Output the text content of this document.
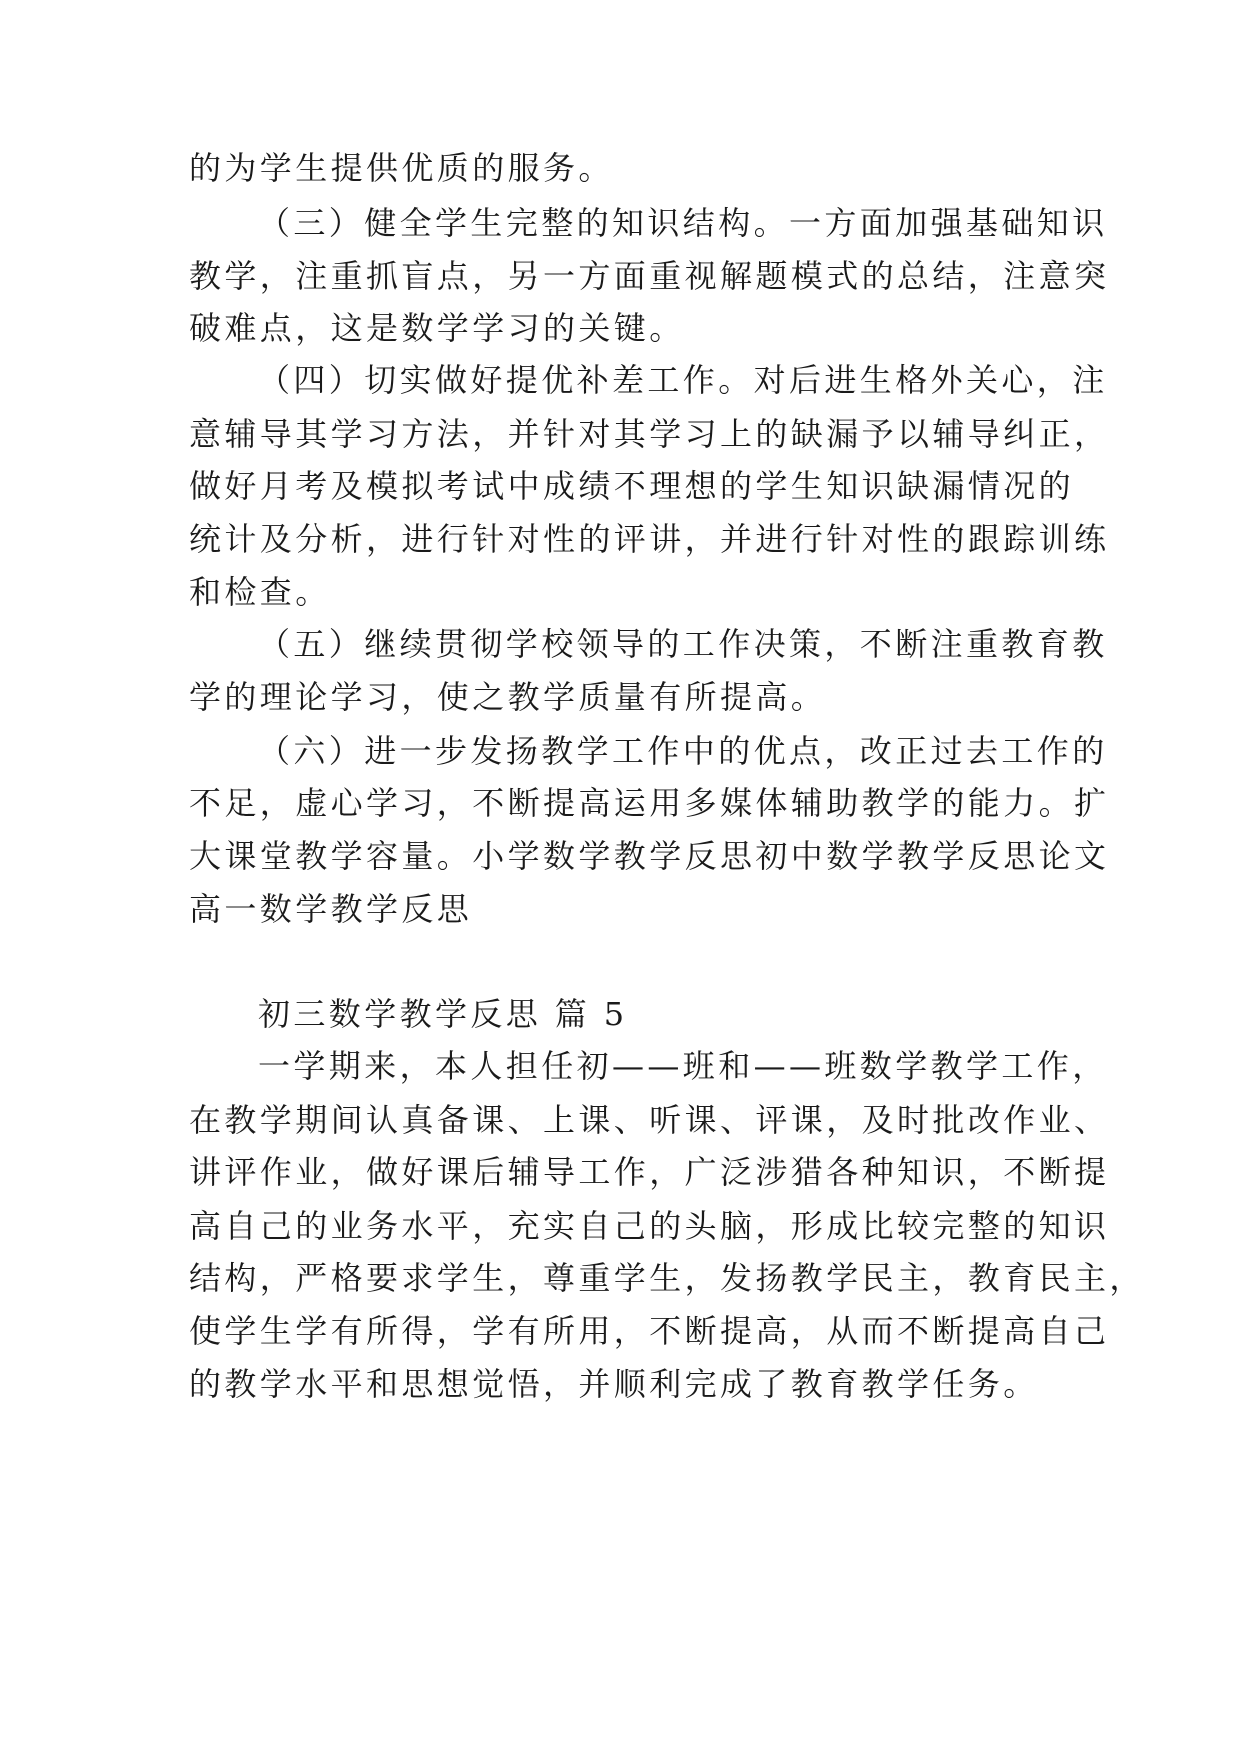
的为学生提供优质的服务。
（三）健全学生完整的知识结构。一方面加强基础知识
教学，注重抓盲点，另一方面重视解题模式的总结，注意突
破难点，这是数学学习的关键。
（四）切实做好提优补差工作。对后进生格外关心，注
意辅导其学习方法，并针对其学习上的缺漏予以辅导纠正，
做好月考及模拟考试中成绩不理想的学生知识缺漏情况的
统计及分析，进行针对性的评讲，并进行针对性的跟踪训练
和检查。
（五）继续贯彻学校领导的工作决策，不断注重教育教
学的理论学习，使之教学质量有所提高。
（六）进一步发扬教学工作中的优点，改正过去工作的
不足，虚心学习，不断提高运用多媒体辅助教学的能力。扩
大课堂教学容量。小学数学教学反思初中数学教学反思论文
高一数学教学反思
初三数学教学反思 篇 5
一学期来，本人担任初——班和——班数学教学工作，
在教学期间认真备课、上课、听课、评课，及时批改作业、
讲评作业，做好课后辅导工作，广泛涉猎各种知识，不断提
高自己的业务水平，充实自己的头脑，形成比较完整的知识
结构，严格要求学生，尊重学生，发扬教学民主，教育民主，
使学生学有所得，学有所用，不断提高，从而不断提高自己
的教学水平和思想觉悟，并顺利完成了教育教学任务。
